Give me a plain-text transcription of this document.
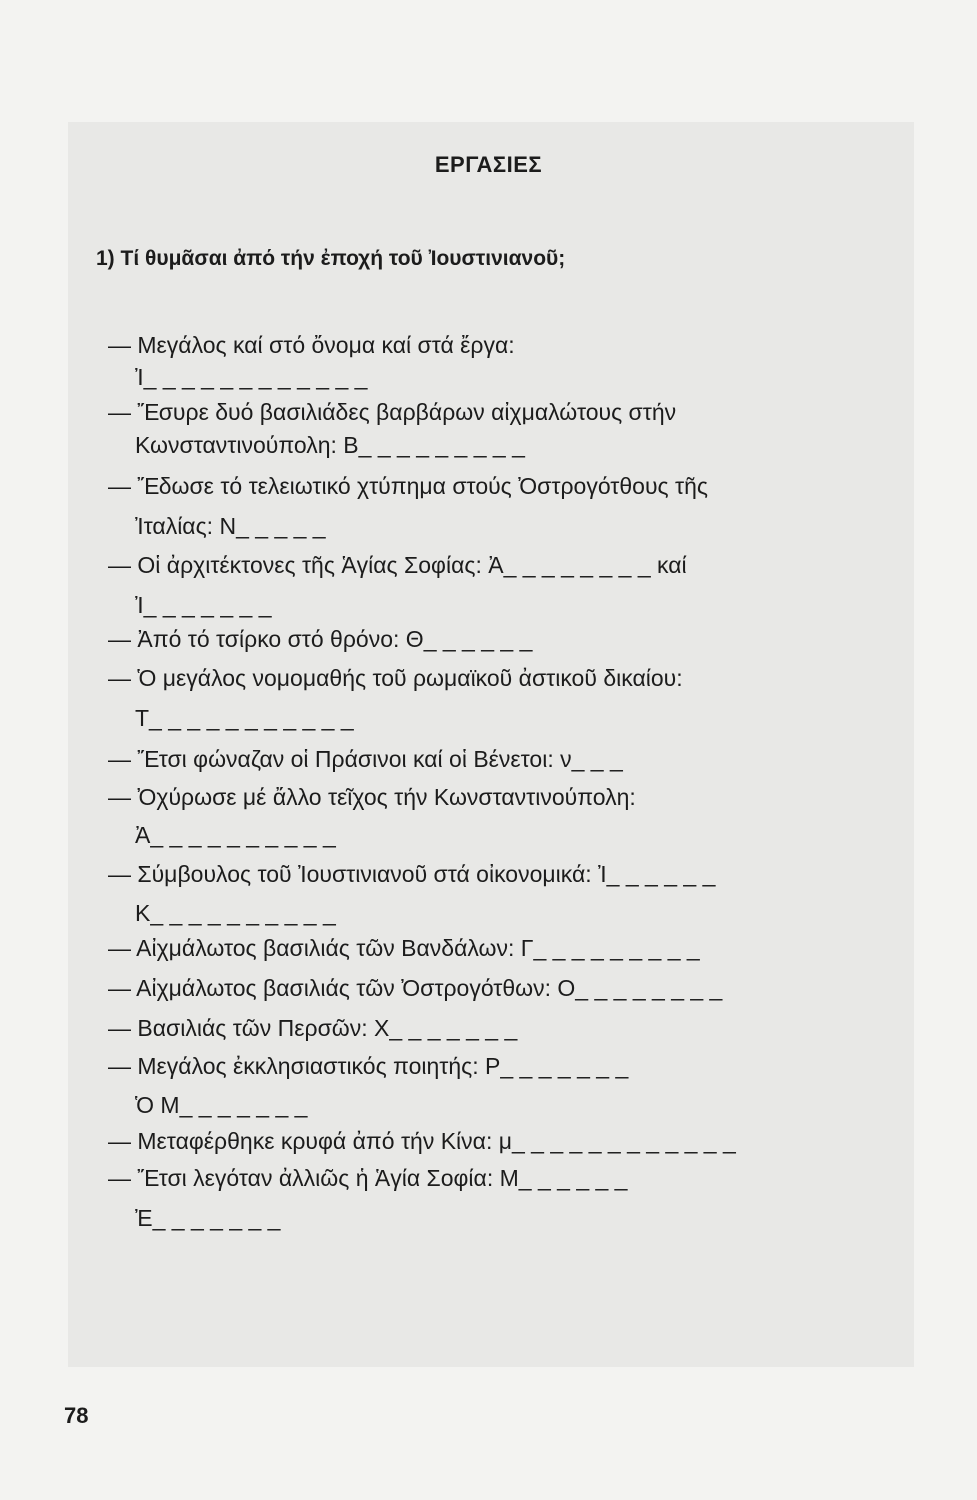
ΕΡΓΑΣΙΕΣ
1) Τί θυμᾶσαι ἀπό τήν ἐποχή τοῦ Ἰουστινιανοῦ;
— Μεγάλος καί στό ὄνομα καί στά ἔργα:
Ἰ_ _ _ _ _ _ _ _ _ _ _ _
— Ἔσυρε δυό βασιλιάδες βαρβάρων αἰχμαλώτους στήν
Κωνσταντινούπολη: Β_ _ _ _ _ _ _ _ _
— Ἔδωσε τό τελειωτικό χτύπημα στούς Ὀστρογότθους τῆς
Ἰταλίας: Ν_ _ _ _ _
— Οἱ ἀρχιτέκτονες τῆς Ἁγίας Σοφίας: Ἀ_ _ _ _ _ _ _ _ καί
Ἰ_ _ _ _ _ _ _
— Ἀπό τό τσίρκο στό θρόνο: Θ_ _ _ _ _ _
— Ὁ μεγάλος νομομαθής τοῦ ρωμαϊκοῦ ἀστικοῦ δικαίου:
Τ_ _ _ _ _ _ _ _ _ _ _
— Ἔτσι φώναζαν οἱ Πράσινοι καί οἱ Βένετοι: ν_ _ _
— Ὀχύρωσε μέ ἄλλο τεῖχος τήν Κωνσταντινούπολη:
Ἀ_ _ _ _ _ _ _ _ _ _
— Σύμβουλος τοῦ Ἰουστινιανοῦ στά οἰκονομικά: Ἰ_ _ _ _ _ _
Κ_ _ _ _ _ _ _ _ _ _
— Αἰχμάλωτος βασιλιάς τῶν Βανδάλων: Γ_ _ _ _ _ _ _ _ _
— Αἰχμάλωτος βασιλιάς τῶν Ὀστρογότθων: Ο_ _ _ _ _ _ _ _
— Βασιλιάς τῶν Περσῶν: Χ_ _ _ _ _ _ _
— Μεγάλος ἐκκλησιαστικός ποιητής: Ρ_ _ _ _ _ _ _
Ὁ Μ_ _ _ _ _ _ _
— Μεταφέρθηκε κρυφά ἀπό τήν Κίνα: μ_ _ _ _ _ _ _ _ _ _ _ _
— Ἔτσι λεγόταν ἀλλιῶς ἡ Ἁγία Σοφία: Μ_ _ _ _ _ _
Ἐ_ _ _ _ _ _ _
78
